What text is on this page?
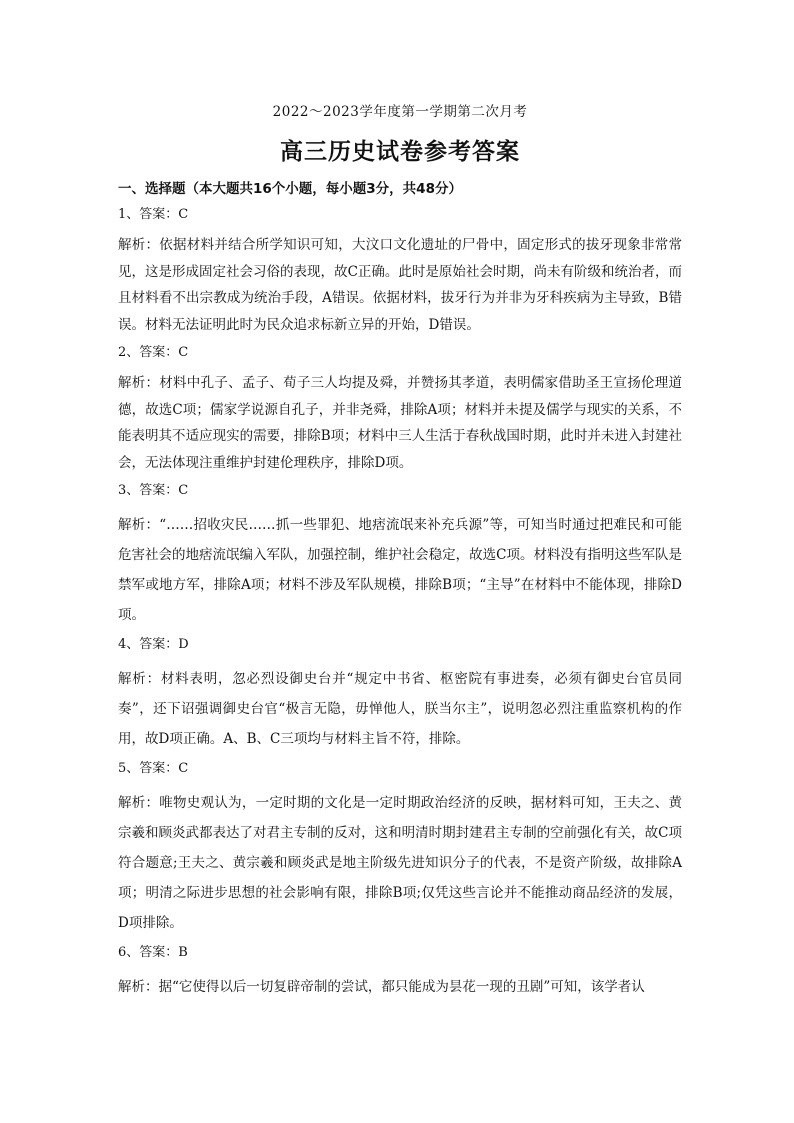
2022～2023学年度第一学期第二次月考

高三历史试卷参考答案

一、选择题（本大题共16个小题，每小题3分，共48分）

1、答案：C

解析：依据材料并结合所学知识可知，大汶口文化遗址的尸骨中，固定形式的拔牙现象非常常见，这是形成固定社会习俗的表现，故C正确。此时是原始社会时期，尚未有阶级和统治者，而且材料看不出宗教成为统治手段，A错误。依据材料，拔牙行为并非为牙科疾病为主导致，B错误。材料无法证明此时为民众追求标新立异的开始，D错误。

2、答案：C

解析：材料中孔子、孟子、荀子三人均提及舜，并赞扬其孝道，表明儒家借助圣王宣扬伦理道德，故选C项；儒家学说源自孔子，并非尧舜，排除A项；材料并未提及儒学与现实的关系，不能表明其不适应现实的需要，排除B项；材料中三人生活于春秋战国时期，此时并未进入封建社会，无法体现注重维护封建伦理秩序，排除D项。

3、答案：C

解析：“……招收灾民……抓一些罪犯、地痞流氓来补充兵源”等，可知当时通过把难民和可能危害社会的地痞流氓编入军队，加强控制，维护社会稳定，故选C项。材料没有指明这些军队是禁军或地方军，排除A项；材料不涉及军队规模，排除B项；“主导”在材料中不能体现，排除D项。

4、答案：D

解析：材料表明，忽必烈设御史台并“规定中书省、枢密院有事进奏，必须有御史台官员同奏”，还下诏强调御史台官“极言无隐，毋惮他人，朕当尔主”，说明忽必烈注重监察机构的作用，故D项正确。A、B、C三项均与材料主旨不符，排除。

5、答案：C

解析：唯物史观认为，一定时期的文化是一定时期政治经济的反映，据材料可知，王夫之、黄宗羲和顾炎武都表达了对君主专制的反对，这和明清时期封建君主专制的空前强化有关，故C项符合题意;王夫之、黄宗羲和顾炎武是地主阶级先进知识分子的代表，不是资产阶级，故排除A项；明清之际进步思想的社会影响有限，排除B项;仅凭这些言论并不能推动商品经济的发展，D项排除。

6、答案：B

解析：据“它使得以后一切复辟帝制的尝试，都只能成为昙花一现的丑剧”可知，该学者认
